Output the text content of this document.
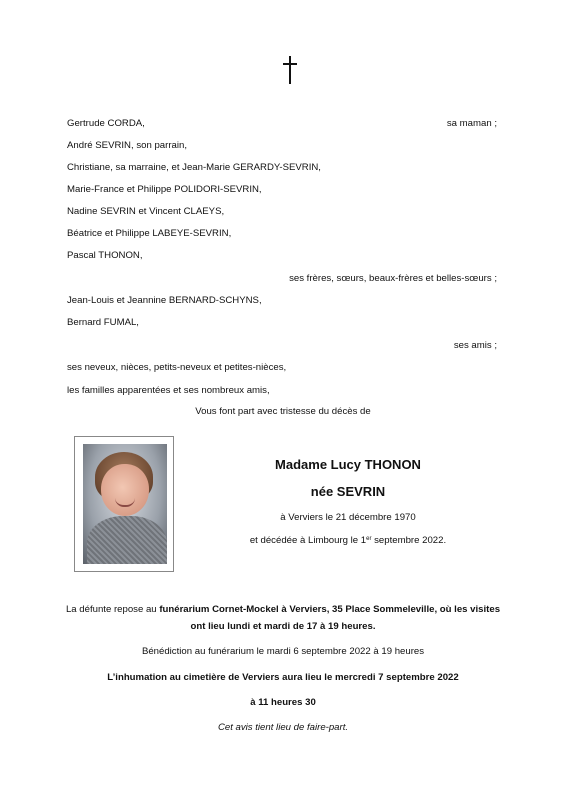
Gertrude CORDA,	sa maman ;
André SEVRIN, son parrain,
Christiane, sa marraine, et Jean-Marie GERARDY-SEVRIN,
Marie-France et Philippe POLIDORI-SEVRIN,
Nadine SEVRIN et Vincent CLAEYS,
Béatrice et Philippe LABEYE-SEVRIN,
Pascal THONON,
ses frères, sœurs, beaux-frères et belles-sœurs ;
Jean-Louis et Jeannine BERNARD-SCHYNS,
Bernard FUMAL,
ses amis ;
ses neveux, nièces, petits-neveux et petites-nièces,
les familles apparentées et ses nombreux amis,
Vous font part avec tristesse du décès de
Madame Lucy THONON
née SEVRIN
à Verviers le 21 décembre 1970
et décédée à Limbourg le 1er septembre 2022.
La défunte repose au funérarium Cornet-Mockel à Verviers, 35 Place Sommeleville, où les visites ont lieu lundi et mardi de 17 à 19 heures.
Bénédiction au funérarium le mardi 6 septembre 2022 à 19 heures
L’inhumation au cimetière de Verviers aura lieu le mercredi 7 septembre 2022
à 11 heures 30
Cet avis tient lieu de faire-part.
